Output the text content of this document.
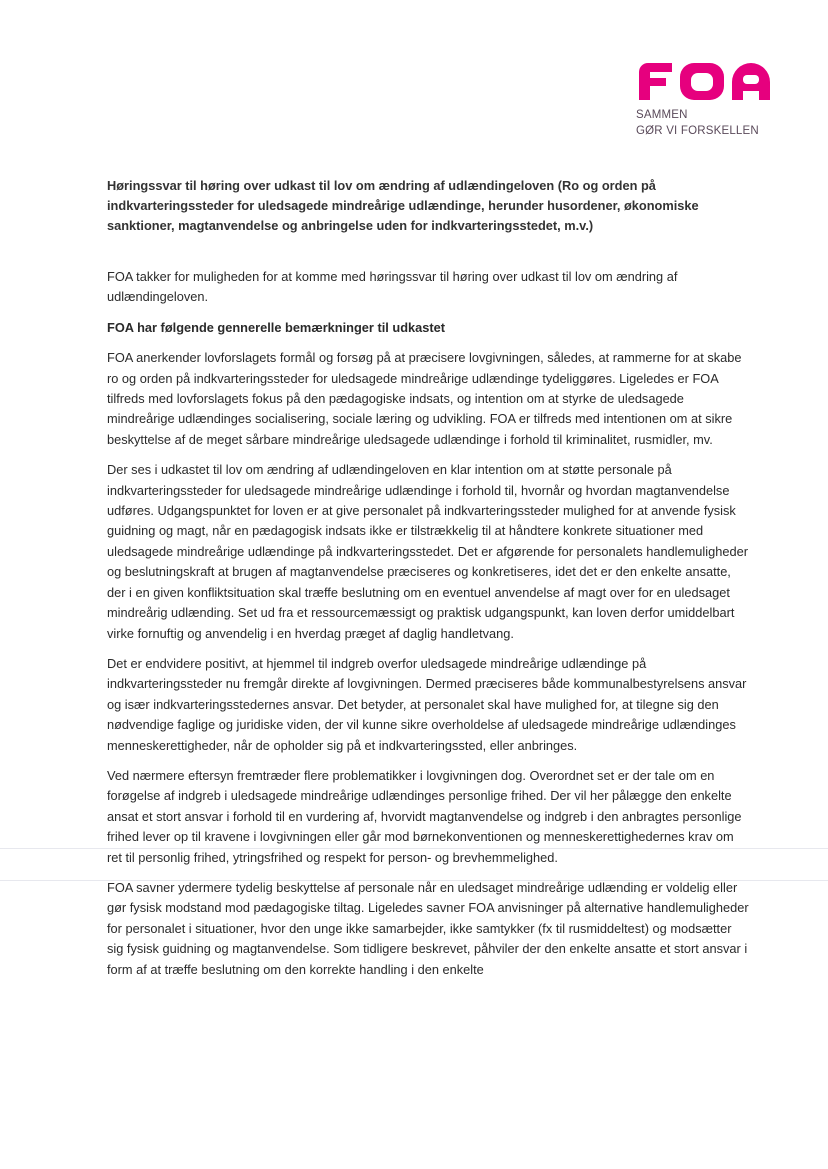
SAMMEN
GØR VI FORSKELLEN
Høringssvar til høring over udkast til lov om ændring af udlændingeloven (Ro og orden på indkvarteringssteder for uledsagede mindreårige udlændinge, herunder husordener, økonomiske sanktioner, magtanvendelse og anbringelse uden for indkvarteringsstedet, m.v.)

FOA takker for muligheden for at komme med høringssvar til høring over udkast til lov om ændring af udlændingeloven.

FOA har følgende gennerelle bemærkninger til udkastet

FOA anerkender lovforslagets formål og forsøg på at præcisere lovgivningen, således, at rammerne for at skabe ro og orden på indkvarteringssteder for uledsagede mindreårige udlændinge tydeliggøres. Ligeledes er FOA tilfreds med lovforslagets fokus på den pædagogiske indsats, og intention om at styrke de uledsagede mindreårige udlændinges socialisering, sociale læring og udvikling. FOA er tilfreds med intentionen om at sikre beskyttelse af de meget sårbare mindreårige uledsagede udlændinge i forhold til kriminalitet, rusmidler, mv.

Der ses i udkastet til lov om ændring af udlændingeloven en klar intention om at støtte personale på indkvarteringssteder for uledsagede mindreårige udlændinge i forhold til, hvornår og hvordan magtanvendelse udføres. Udgangspunktet for loven er at give personalet på indkvarteringssteder mulighed for at anvende fysisk guidning og magt, når en pædagogisk indsats ikke er tilstrækkelig til at håndtere konkrete situationer med uledsagede mindreårige udlændinge på indkvarteringsstedet. Det er afgørende for personalets handlemuligheder og beslutningskraft at brugen af magtanvendelse præciseres og konkretiseres, idet det er den enkelte ansatte, der i en given konfliktsituation skal træffe beslutning om en eventuel anvendelse af magt over for en uledsaget mindreårig udlænding. Set ud fra et ressourcemæssigt og praktisk udgangspunkt, kan loven derfor umiddelbart virke fornuftig og anvendelig i en hverdag præget af daglig handletvang.

Det er endvidere positivt, at hjemmel til indgreb overfor uledsagede mindreårige udlændinge på indkvarteringssteder nu fremgår direkte af lovgivningen. Dermed præciseres både kommunalbestyrelsens ansvar og især indkvarteringsstedernes ansvar. Det betyder, at personalet skal have mulighed for, at tilegne sig den nødvendige faglige og juridiske viden, der vil kunne sikre overholdelse af uledsagede mindreårige udlændinges menneskerettigheder, når de opholder sig på et indkvarteringssted, eller anbringes.

Ved nærmere eftersyn fremtræder flere problematikker i lovgivningen dog. Overordnet set er der tale om en forøgelse af indgreb i uledsagede mindreårige udlændinges personlige frihed. Der vil her pålægge den enkelte ansat et stort ansvar i forhold til en vurdering af, hvorvidt magtanvendelse og indgreb i den anbragtes personlige frihed lever op til kravene i lovgivningen eller går mod børnekonventionen og menneskerettighedernes krav om ret til personlig frihed, ytringsfrihed og respekt for person- og brevhemmelighed.

FOA savner ydermere tydelig beskyttelse af personale når en uledsaget mindreårige udlænding er voldelig eller gør fysisk modstand mod pædagogiske tiltag. Ligeledes savner FOA anvisninger på alternative handlemuligheder for personalet i situationer, hvor den unge ikke samarbejder, ikke samtykker (fx til rusmiddeltest) og modsætter sig fysisk guidning og magtanvendelse. Som tidligere beskrevet, påhviler der den enkelte ansatte et stort ansvar i form af at træffe beslutning om den korrekte handling i den enkelte
